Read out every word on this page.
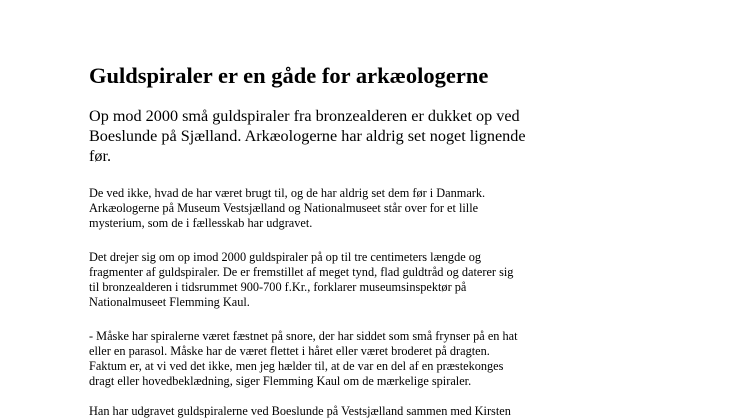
Guldspiraler er en gåde for arkæologerne

Op mod 2000 små guldspiraler fra bronzealderen er dukket op ved
Boeslunde på Sjælland. Arkæologerne har aldrig set noget lignende
før.

De ved ikke, hvad de har været brugt til, og de har aldrig set dem før i Danmark.
Arkæologerne på Museum Vestsjælland og Nationalmuseet står over for et lille
mysterium, som de i fællesskab har udgravet.

Det drejer sig om op imod 2000 guldspiraler på op til tre centimeters længde og
fragmenter af guldspiraler. De er fremstillet af meget tynd, flad guldtråd og daterer sig
til bronzealderen i tidsrummet 900-700 f.Kr., forklarer museumsinspektør på
Nationalmuseet Flemming Kaul.

- Måske har spiralerne været fæstnet på snore, der har siddet som små frynser på en hat
eller en parasol. Måske har de været flettet i håret eller været broderet på dragten.
Faktum er, at vi ved det ikke, men jeg hælder til, at de var en del af en præstekonges
dragt eller hovedbeklædning, siger Flemming Kaul om de mærkelige spiraler.

Han har udgravet guldspiralerne ved Boeslunde på Vestsjælland sammen med Kirsten
